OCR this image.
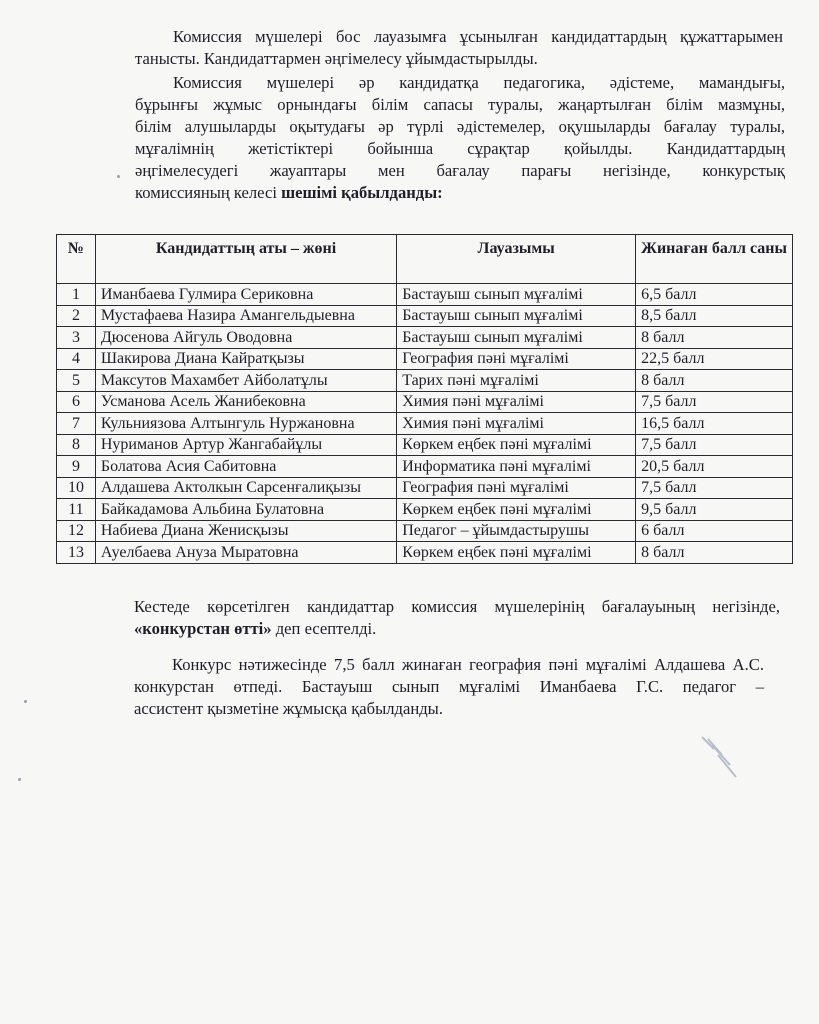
Комиссия мүшелері бос лауазымға ұсынылған кандидаттардың құжаттарымен
танысты. Кандидаттармен әңгімелесу ұйымдастырылды.

Комиссия мүшелері әр кандидатқа педагогика, әдістеме, мамандығы,
бұрынғы жұмыс орнындағы білім сапасы туралы, жаңартылған білім мазмұны,
білім алушыларды оқытудағы әр түрлі әдістемелер, оқушыларды бағалау туралы,
мұғалімнің жетістіктері бойынша сұрақтар қойылды. Кандидаттардың
әңгімелесудегі жауаптары мен бағалау парағы негізінде, конкурстық
комиссияның келесі шешімі қабылданды:

№	Кандидаттың аты – жөні	Лауазымы	Жинаған балл саны
1	Иманбаева Гулмира Сериковна	Бастауыш сынып мұғалімі	6,5 балл
2	Мустафаева Назира Амангельдыевна	Бастауыш сынып мұғалімі	8,5 балл
3	Дюсенова Айгуль Оводовна	Бастауыш сынып мұғалімі	8 балл
4	Шакирова Диана Кайратқызы	География пәні мұғалімі	22,5 балл
5	Максутов Махамбет Айболатұлы	Тарих пәні мұғалімі	8 балл
6	Усманова Асель Жанибековна	Химия пәні мұғалімі	7,5 балл
7	Кульниязова Алтынгуль Нуржановна	Химия пәні мұғалімі	16,5 балл
8	Нуриманов Артур Жангабайұлы	Көркем еңбек пәні мұғалімі	7,5 балл
9	Болатова Асия Сабитовна	Информатика пәні мұғалімі	20,5 балл
10	Алдашева Актолкын Сарсенғалиқызы	География пәні мұғалімі	7,5 балл
11	Байкадамова Альбина Булатовна	Көркем еңбек пәні мұғалімі	9,5 балл
12	Набиева Диана Женисқызы	Педагог – ұйымдастырушы	6 балл
13	Ауелбаева Ануза Мыратовна	Көркем еңбек пәні мұғалімі	8 балл

Кестеде көрсетілген кандидаттар комиссия мүшелерінің бағалауының негізінде,
«конкурстан өтті» деп есептелді.

Конкурс нәтижесінде 7,5 балл жинаған география пәні мұғалімі Алдашева А.С.
конкурстан өтпеді. Бастауыш сынып мұғалімі Иманбаева Г.С. педагог –
ассистент қызметіне жұмысқа қабылданды.
